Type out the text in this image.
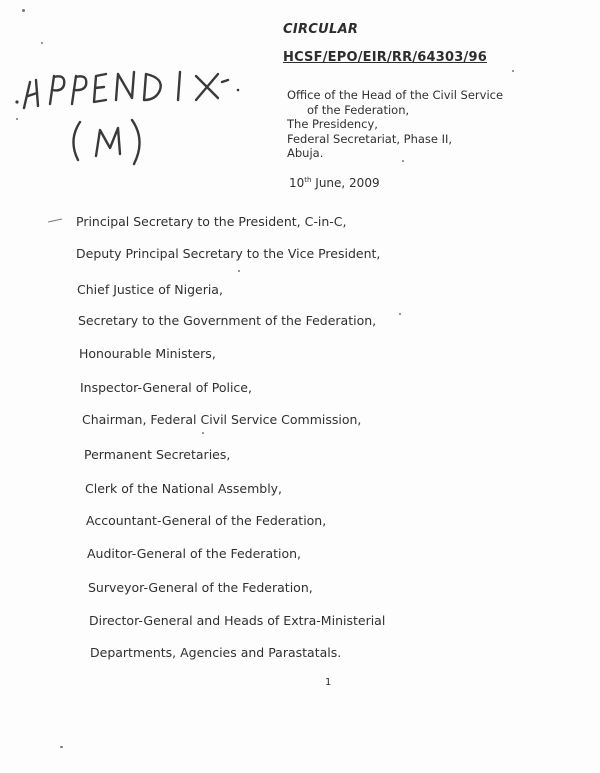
CIRCULAR
HCSF/EPO/EIR/RR/64303/96
Office of the Head of the Civil Service
of the Federation,
The Presidency,
Federal Secretariat, Phase II,
Abuja.
10th June, 2009
Principal Secretary to the President, C-in-C,
Deputy Principal Secretary to the Vice President,
Chief Justice of Nigeria,
Secretary to the Government of the Federation,
Honourable Ministers,
Inspector-General of Police,
Chairman, Federal Civil Service Commission,
Permanent Secretaries,
Clerk of the National Assembly,
Accountant-General of the Federation,
Auditor-General of the Federation,
Surveyor-General of the Federation,
Director-General and Heads of Extra-Ministerial
Departments, Agencies and Parastatals.
1
